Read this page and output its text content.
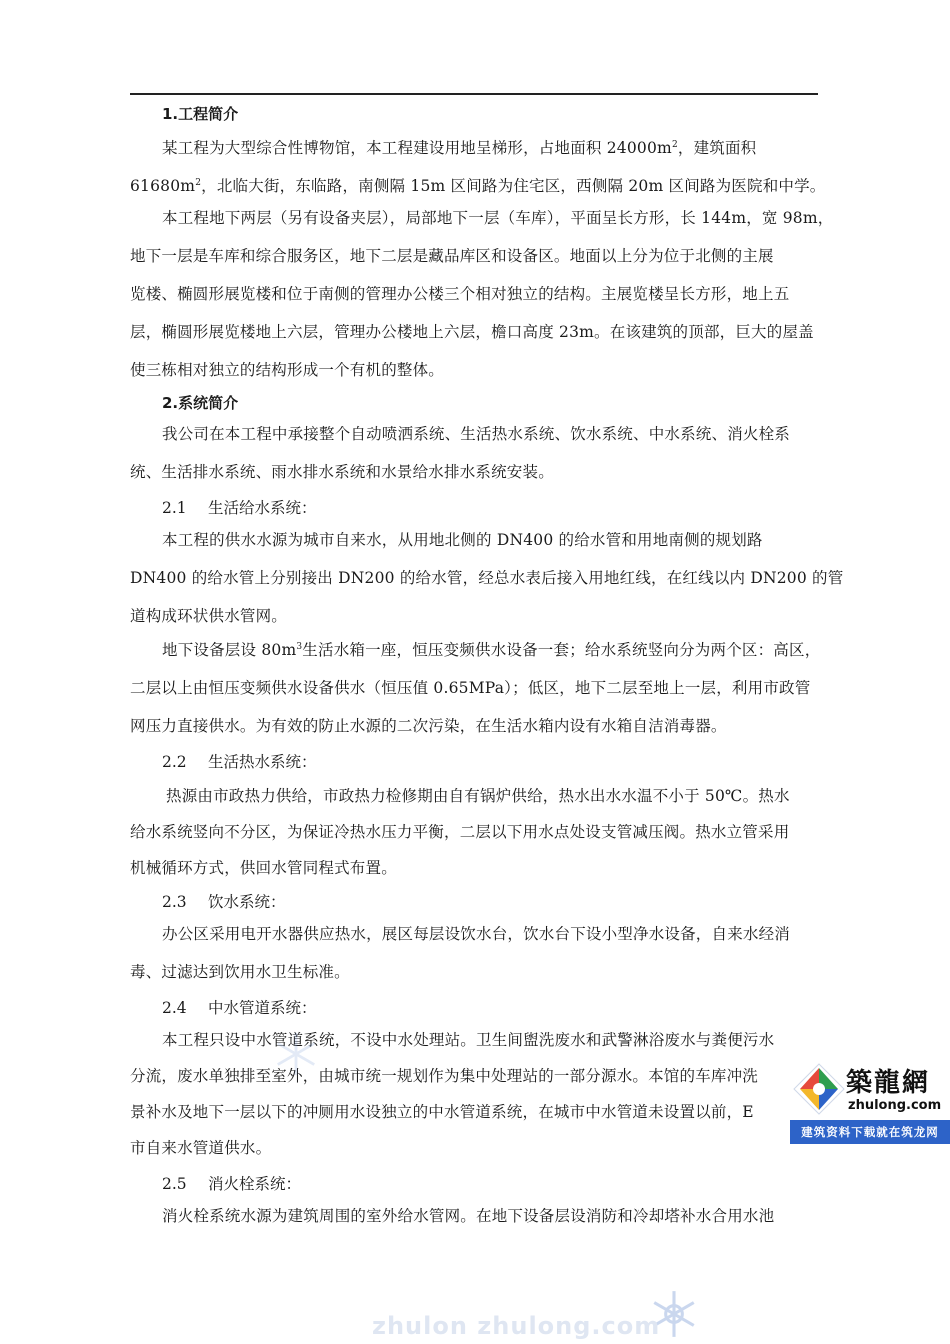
1.工程简介
某工程为大型综合性博物馆，本工程建设用地呈梯形，占地面积 $24000m^2$，建筑面积
$61680m^2$，北临大街，东临路，南侧隔 15m 区间路为住宅区，西侧隔 20m 区间路为医院和中学。
本工程地下两层（另有设备夹层），局部地下一层（车库），平面呈长方形，长 144m，宽 98m，
地下一层是车库和综合服务区，地下二层是藏品库区和设备区。地面以上分为位于北侧的主展
览楼、椭圆形展览楼和位于南侧的管理办公楼三个相对独立的结构。主展览楼呈长方形，地上五
层，椭圆形展览楼地上六层，管理办公楼地上六层，檐口高度 23m。在该建筑的顶部，巨大的屋盖
使三栋相对独立的结构形成一个有机的整体。
2.系统简介
我公司在本工程中承接整个自动喷洒系统、生活热水系统、饮水系统、中水系统、消火栓系
统、生活排水系统、雨水排水系统和水景给水排水系统安装。
2.1 生活给水系统：
本工程的供水水源为城市自来水，从用地北侧的 DN400 的给水管和用地南侧的规划路
DN400 的给水管上分别接出 DN200 的给水管，经总水表后接入用地红线，在红线以内 DN200 的管
道构成环状供水管网。
地下设备层设 $80m^3$生活水箱一座，恒压变频供水设备一套；给水系统竖向分为两个区：高区，
二层以上由恒压变频供水设备供水（恒压值 0.65MPa）；低区，地下二层至地上一层，利用市政管
网压力直接供水。为有效的防止水源的二次污染，在生活水箱内设有水箱自洁消毒器。
2.2 生活热水系统：
热源由市政热力供给，市政热力检修期由自有锅炉供给，热水出水水温不小于 50℃。热水
给水系统竖向不分区，为保证冷热水压力平衡，二层以下用水点处设支管减压阀。热水立管采用
机械循环方式，供回水管同程式布置。
2.3 饮水系统：
办公区采用电开水器供应热水，展区每层设饮水台，饮水台下设小型净水设备，自来水经消
毒、过滤达到饮用水卫生标准。
2.4 中水管道系统：
本工程只设中水管道系统，不设中水处理站。卫生间盥洗废水和武警淋浴废水与粪便污水
分流，废水单独排至室外，由城市统一规划作为集中处理站的一部分源水。本馆的车库冲洗
景补水及地下一层以下的冲厕用水设独立的中水管道系统，在城市中水管道未设置以前，E
市自来水管道供水。
2.5 消火栓系统：
消火栓系统水源为建筑周围的室外给水管网。在地下设备层设消防和冷却塔补水合用水池
築龍網
zhulong.com
建筑资料下载就在筑龙网
zhulon zhulong.com
